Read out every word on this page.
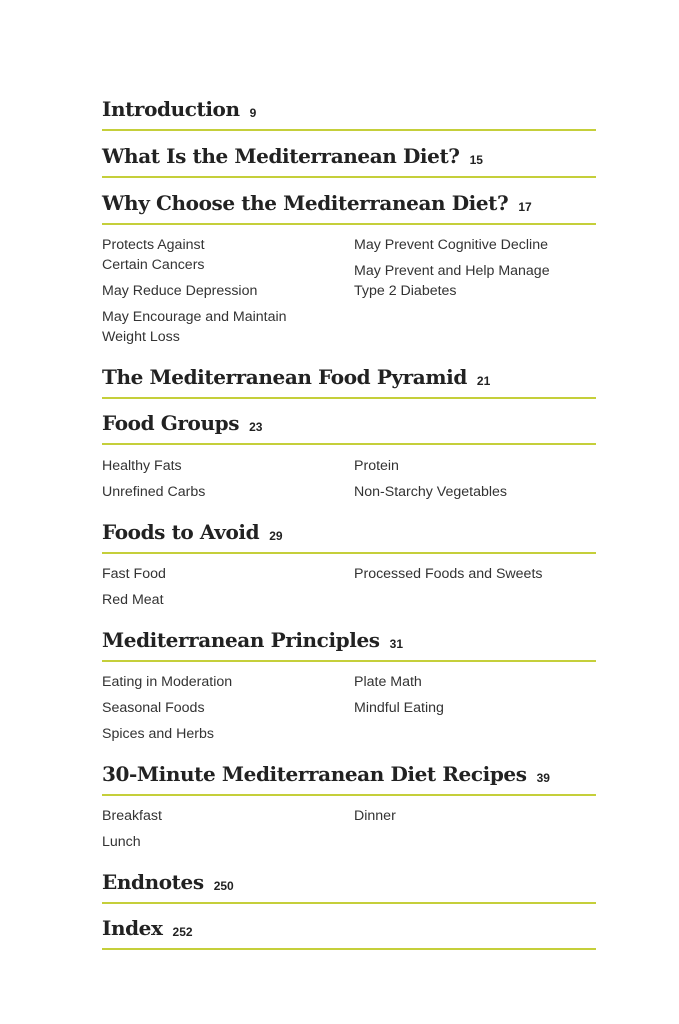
Introduction 9
What Is the Mediterranean Diet? 15
Why Choose the Mediterranean Diet? 17
Protects Against
Certain Cancers
May Reduce Depression
May Encourage and Maintain
Weight Loss
May Prevent Cognitive Decline
May Prevent and Help Manage
Type 2 Diabetes
The Mediterranean Food Pyramid 21
Food Groups 23
Healthy Fats
Unrefined Carbs
Protein
Non-Starchy Vegetables
Foods to Avoid 29
Fast Food
Red Meat
Processed Foods and Sweets
Mediterranean Principles 31
Eating in Moderation
Seasonal Foods
Spices and Herbs
Plate Math
Mindful Eating
30-Minute Mediterranean Diet Recipes 39
Breakfast
Lunch
Dinner
Endnotes 250
Index 252
